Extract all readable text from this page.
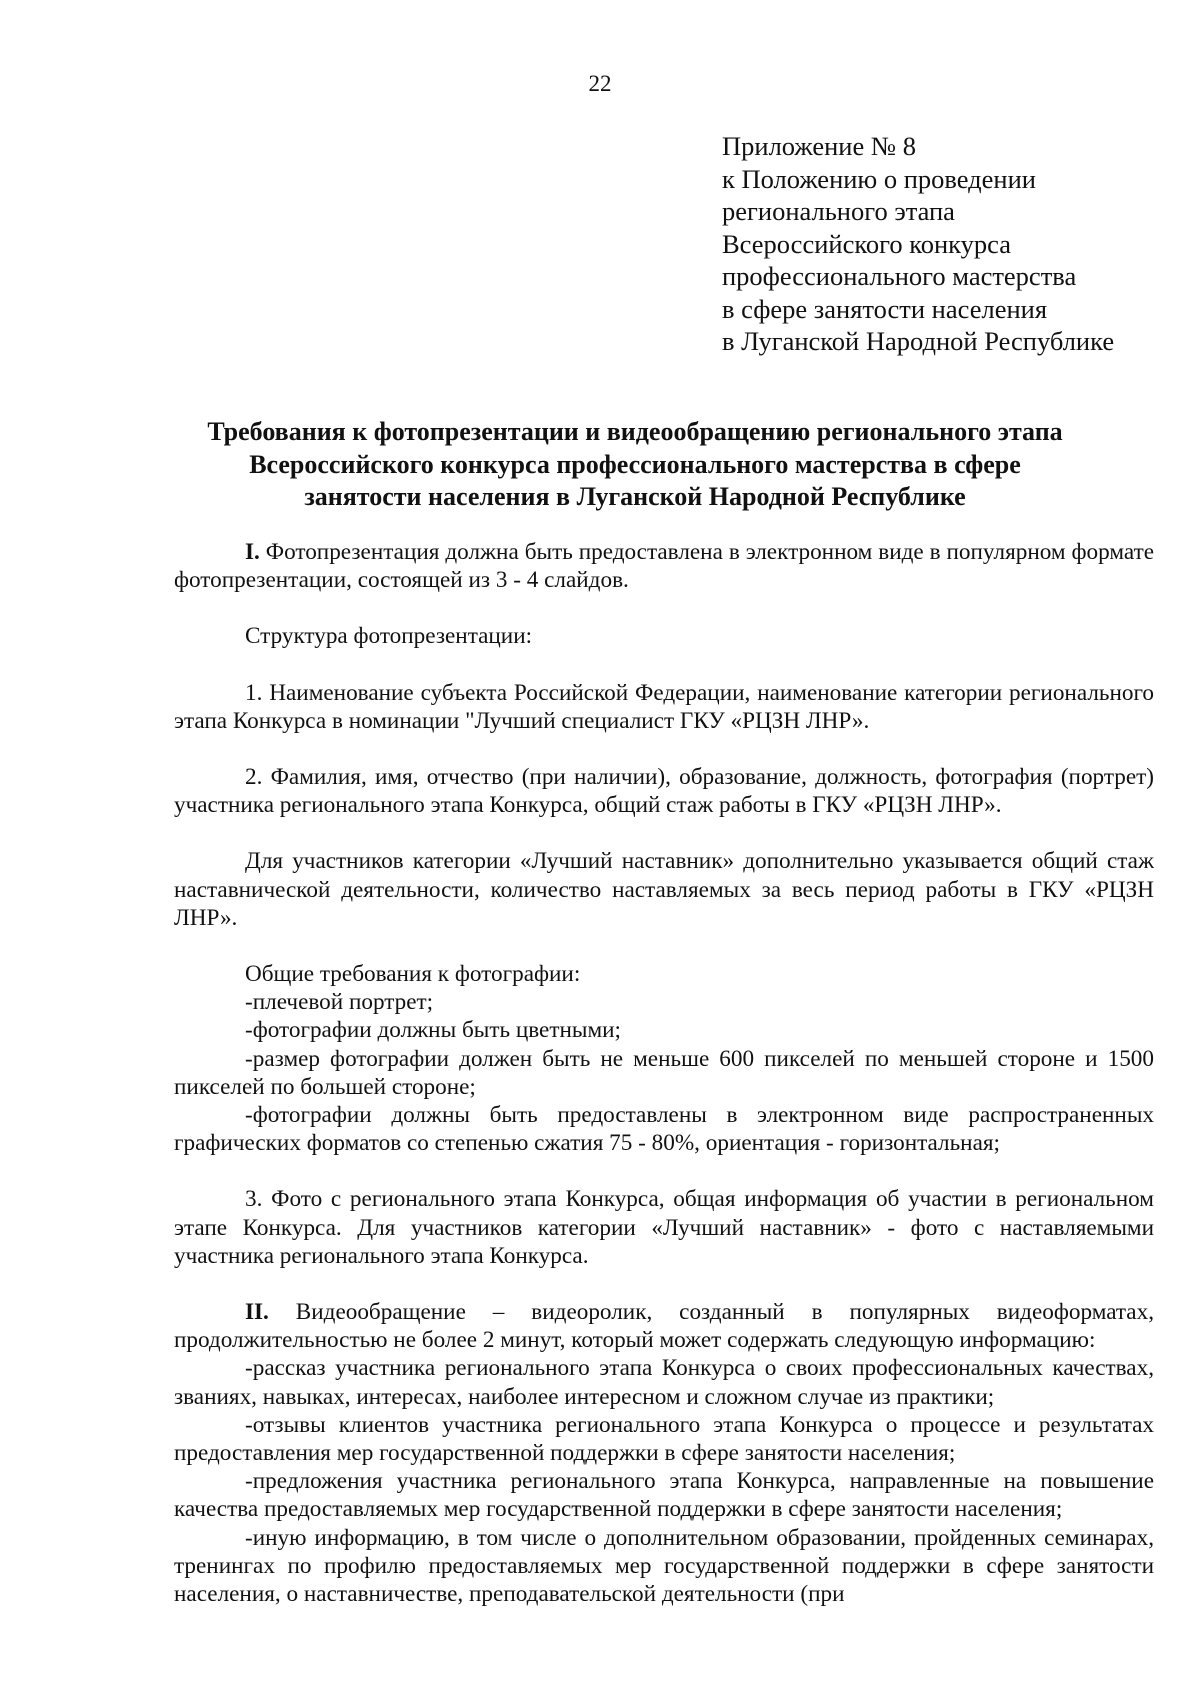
22
Приложение № 8
к Положению о проведении
регионального этапа
Всероссийского конкурса
профессионального мастерства
в сфере занятости населения
в Луганской Народной Республике
Требования к фотопрезентации и видеообращению регионального этапа
Всероссийского конкурса профессионального мастерства в сфере
занятости населения в Луганской Народной Республике

I. Фотопрезентация должна быть предоставлена в электронном виде в популярном формате фотопрезентации, состоящей из 3 - 4 слайдов.

Структура фотопрезентации:

1. Наименование субъекта Российской Федерации, наименование категории регионального этапа Конкурса в номинации "Лучший специалист ГКУ «РЦЗН ЛНР».

2. Фамилия, имя, отчество (при наличии), образование, должность, фотография (портрет) участника регионального этапа Конкурса, общий стаж работы в ГКУ «РЦЗН ЛНР».

Для участников категории «Лучший наставник» дополнительно указывается общий стаж наставнической деятельности, количество наставляемых за весь период работы в ГКУ «РЦЗН ЛНР».

Общие требования к фотографии:

-плечевой портрет;

-фотографии должны быть цветными;

-размер фотографии должен быть не меньше 600 пикселей по меньшей стороне и 1500 пикселей по большей стороне;

-фотографии должны быть предоставлены в электронном виде распространенных графических форматов со степенью сжатия 75 - 80%, ориентация - горизонтальная;

3. Фото с регионального этапа Конкурса, общая информация об участии в региональном этапе Конкурса. Для участников категории «Лучший наставник» - фото с наставляемыми участника регионального этапа Конкурса.

II. Видеообращение – видеоролик, созданный в популярных видеоформатах, продолжительностью не более 2 минут, который может содержать следующую информацию:

-рассказ участника регионального этапа Конкурса о своих профессиональных качествах, званиях, навыках, интересах, наиболее интересном и сложном случае из практики;

-отзывы клиентов участника регионального этапа Конкурса о процессе и результатах предоставления мер государственной поддержки в сфере занятости населения;

-предложения участника регионального этапа Конкурса, направленные на повышение качества предоставляемых мер государственной поддержки в сфере занятости населения;

-иную информацию, в том числе о дополнительном образовании, пройденных семинарах, тренингах по профилю предоставляемых мер государственной поддержки в сфере занятости населения, о наставничестве, преподавательской деятельности (при
